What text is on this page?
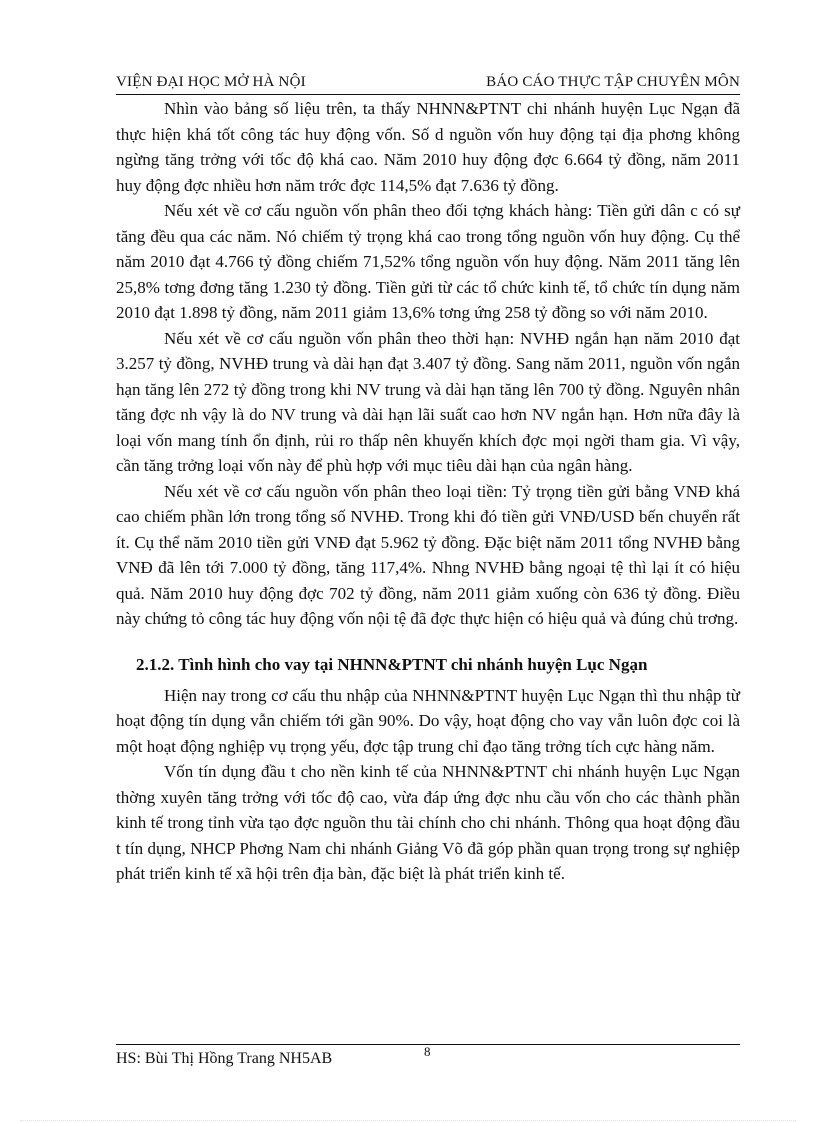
VIỆN ĐẠI HỌC MỞ HÀ NỘI	BÁO CÁO THỰC TẬP CHUYÊN MÔN

Nhìn vào bảng số liệu trên, ta thấy NHNN&PTNT chi nhánh huyện Lục Ngạn đã thực hiện khá tốt công tác huy động vốn. Số d nguồn vốn huy động tại địa phơng không ngừng tăng trởng với tốc độ khá cao. Năm 2010 huy động đợc 6.664 tỷ đồng, năm 2011 huy động đợc nhiều hơn năm trớc đợc 114,5% đạt 7.636 tỷ đồng.

Nếu xét về cơ cấu nguồn vốn phân theo đối tợng khách hàng: Tiền gửi dân c có sự tăng đều qua các năm. Nó chiếm tỷ trọng khá cao trong tổng nguồn vốn huy động. Cụ thể năm 2010 đạt 4.766 tỷ đồng chiếm 71,52% tổng nguồn vốn huy động. Năm 2011 tăng lên 25,8% tơng đơng tăng 1.230 tỷ đồng. Tiền gửi từ các tổ chức kinh tế, tổ chức tín dụng năm 2010 đạt 1.898 tỷ đồng, năm 2011 giảm 13,6% tơng ứng 258 tỷ đồng so với năm 2010.

Nếu xét về cơ cấu nguồn vốn phân theo thời hạn: NVHĐ ngắn hạn năm 2010 đạt 3.257 tỷ đồng, NVHĐ trung và dài hạn đạt 3.407 tỷ đồng. Sang năm 2011, nguồn vốn ngắn hạn tăng lên 272 tỷ đồng trong khi NV trung và dài hạn tăng lên 700 tỷ đồng. Nguyên nhân tăng đợc nh vậy là do NV trung và dài hạn lãi suất cao hơn NV ngắn hạn. Hơn nữa đây là loại vốn mang tính ổn định, rủi ro thấp nên khuyến khích đợc mọi ngời tham gia. Vì vậy, cần tăng trởng loại vốn này để phù hợp với mục tiêu dài hạn của ngân hàng.

Nếu xét về cơ cấu nguồn vốn phân theo loại tiền: Tỷ trọng tiền gửi bằng VNĐ khá cao chiếm phần lớn trong tổng số NVHĐ. Trong khi đó tiền gửi VNĐ/USD bến chuyển rất ít. Cụ thể năm 2010 tiền gửi VNĐ đạt 5.962 tỷ đồng. Đặc biệt năm 2011 tổng NVHĐ bằng VNĐ đã lên tới 7.000 tỷ đồng, tăng 117,4%. Nhng NVHĐ bằng ngoại tệ thì lại ít có hiệu quả. Năm 2010 huy động đợc 702 tỷ đồng, năm 2011 giảm xuống còn 636 tỷ đồng. Điều này chứng tỏ công tác huy động vốn nội tệ đã đợc thực hiện có hiệu quả và đúng chủ trơng.

2.1.2. Tình hình cho vay tại NHNN&PTNT chi nhánh huyện Lục Ngạn

Hiện nay trong cơ cấu thu nhập của NHNN&PTNT huyện Lục Ngạn thì thu nhập từ hoạt động tín dụng vẫn chiếm tới gần 90%. Do vậy, hoạt động cho vay vẫn luôn đợc coi là một hoạt động nghiệp vụ trọng yếu, đợc tập trung chỉ đạo tăng trởng tích cực hàng năm.

Vốn tín dụng đầu t cho nền kinh tế của NHNN&PTNT chi nhánh huyện Lục Ngạn thờng xuyên tăng trởng với tốc độ cao, vừa đáp ứng đợc nhu cầu vốn cho các thành phần kinh tế trong tỉnh vừa tạo đợc nguồn thu tài chính cho chi nhánh. Thông qua hoạt động đầu t tín dụng, NHCP Phơng Nam chi nhánh Giảng Võ đã góp phần quan trọng trong sự nghiệp phát triển kinh tế xã hội trên địa bàn, đặc biệt là phát triển kinh tế.

HS: Bùi Thị Hồng Trang NH5AB	8
